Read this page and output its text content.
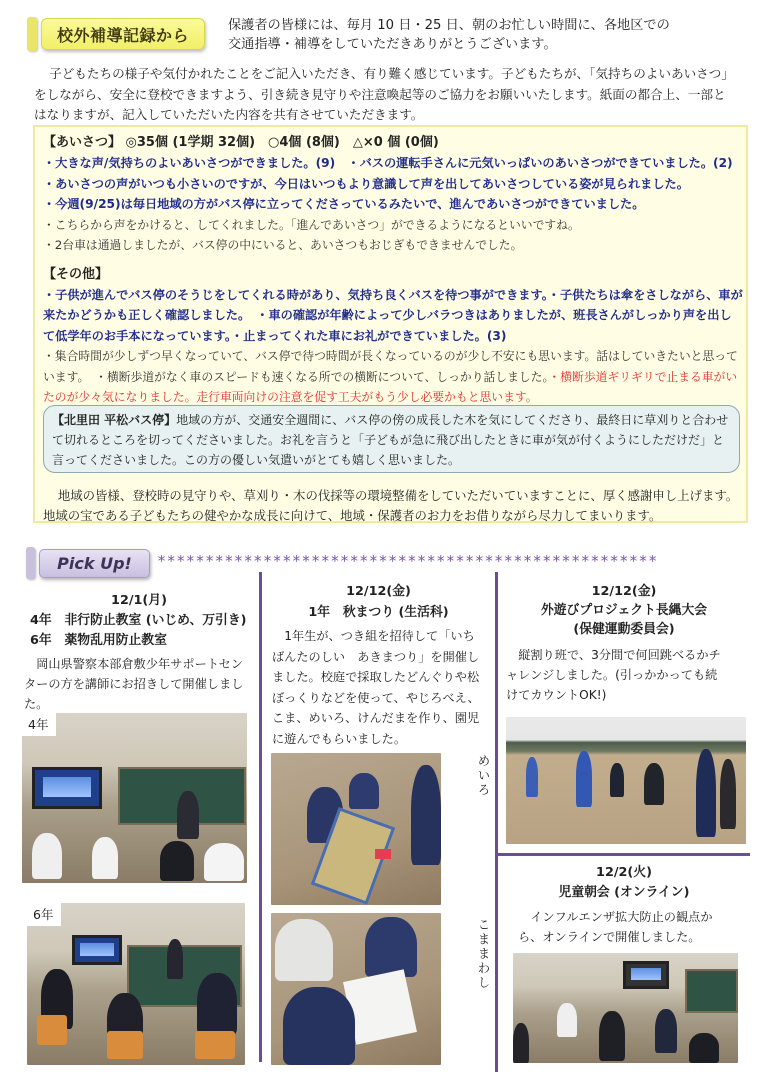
校外補導記録から	保護者の皆様には、毎月 10 日・25 日、朝のお忙しい時間に、各地区での
交通指導・補導をしていただきありがとうございます。

子どもたちの様子や気付かれたことをご記入いただき、有り難く感じています。子どもたちが、「気持ちのよいあいさつ」をしながら、安全に登校できますよう、引き続き見守りや注意喚起等のご協力をお願いいたします。紙面の都合上、一部とはなりますが、記入していただいた内容を共有させていただきます。

【あいさつ】 ◎35個 (1学期 32個)　○4個 (8個)　△×0 個 (0個)
・大きな声/気持ちのよいあいさつができました。(9)　・バスの運転手さんに元気いっぱいのあいさつができていました。(2)
・あいさつの声がいつも小さいのですが、今日はいつもより意識して声を出してあいさつしている姿が見られました。
・今週(9/25)は毎日地域の方がバス停に立ってくださっているみたいで、進んであいさつができていました。
・こちらから声をかけると、してくれました。「進んであいさつ」ができるようになるといいですね。
・2台車は通過しましたが、バス停の中にいると、あいさつもおじぎもできませんでした。
【その他】
・子供が進んでバス停のそうじをしてくれる時があり、気持ち良くバスを待つ事ができます。・子供たちは傘をさしながら、車が来たかどうかも正しく確認しました。　・車の確認が年齢によって少しバラつきはありましたが、班長さんがしっかり声を出して低学年のお手本になっています。・止まってくれた車にお礼ができていました。(3)
・集合時間が少しずつ早くなっていて、バス停で待つ時間が長くなっているのが少し不安にも思います。話はしていきたいと思っています。　・横断歩道がなく車のスピードも速くなる所での横断について、しっかり話しました。・横断歩道ギリギリで止まる車がいたのが少々気になりました。走行車両向けの注意を促す工夫がもう少し必要かもと思います。
【北里田 平松バス停】地域の方が、交通安全週間に、バス停の傍の成長した木を気にしてくださり、最終日に草刈りと合わせて切れるところを切ってくださいました。お礼を言うと「子どもが急に飛び出したときに車が気が付くようにしただけだ」と言ってくださいました。この方の優しい気遣いがとても嬉しく思いました。

地域の皆様、登校時の見守りや、草刈り・木の伐採等の環境整備をしていただいていますことに、厚く感謝申し上げます。地域の宝である子どもたちの健やかな成長に向けて、地域・保護者のお力をお借りながら尽力してまいります。

Pick Up!	****************************************************
12/1(月)
4年　非行防止教室 (いじめ、万引き)
6年　薬物乱用防止教室

岡山県警察本部倉敷少年サポートセンターの方を講師にお招きして開催しました。

4年
6年
12/12(金)
1年　秋まつり (生活科)

1年生が、つき組を招待して「いちばんたのしい　あきまつり」を開催しました。校庭で採取したどんぐりや松ぼっくりなどを使って、やじろべえ、こま、めいろ、けんだまを作り、園児に遊んでもらいました。

めいろ
こままわし
12/12(金)
外遊びプロジェクト長縄大会
(保健運動委員会)

縦割り班で、3分間で何回跳べるかチャレンジしました。(引っかかっても続けてカウントOK!)

12/2(火)
児童朝会 (オンライン)

インフルエンザ拡大防止の観点から、オンラインで開催しました。
